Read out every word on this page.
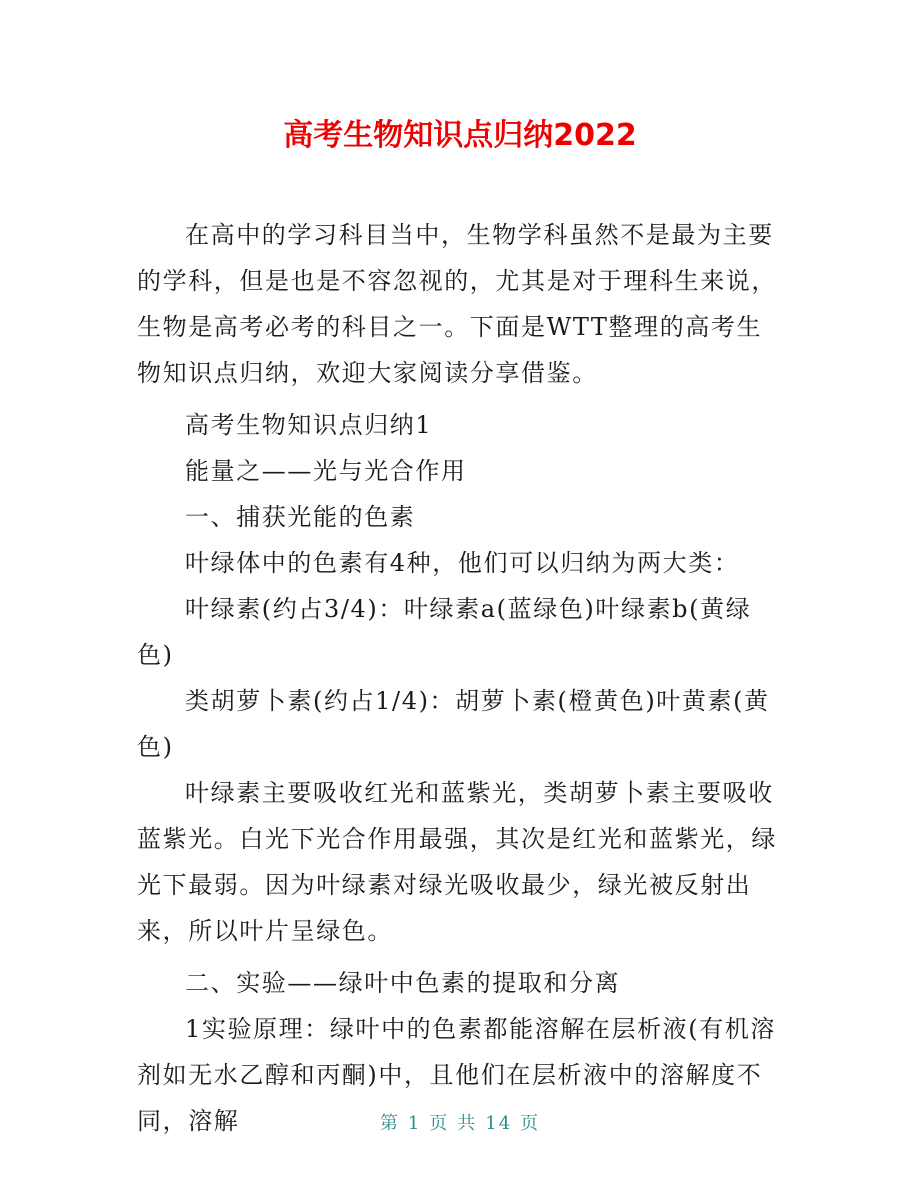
高考生物知识点归纳2022

在高中的学习科目当中，生物学科虽然不是最为主要的学科，但是也是不容忽视的，尤其是对于理科生来说，生物是高考必考的科目之一。下面是WTT整理的高考生物知识点归纳，欢迎大家阅读分享借鉴。

高考生物知识点归纳1

能量之——光与光合作用

一、捕获光能的色素

叶绿体中的色素有4种，他们可以归纳为两大类：

叶绿素(约占3/4)：叶绿素a(蓝绿色)叶绿素b(黄绿色)

类胡萝卜素(约占1/4)：胡萝卜素(橙黄色)叶黄素(黄色)

叶绿素主要吸收红光和蓝紫光，类胡萝卜素主要吸收蓝紫光。白光下光合作用最强，其次是红光和蓝紫光，绿光下最弱。因为叶绿素对绿光吸收最少，绿光被反射出来，所以叶片呈绿色。

二、实验——绿叶中色素的提取和分离

1实验原理：绿叶中的色素都能溶解在层析液(有机溶剂如无水乙醇和丙酮)中，且他们在层析液中的溶解度不同，溶解	第 1 页 共 14 页
